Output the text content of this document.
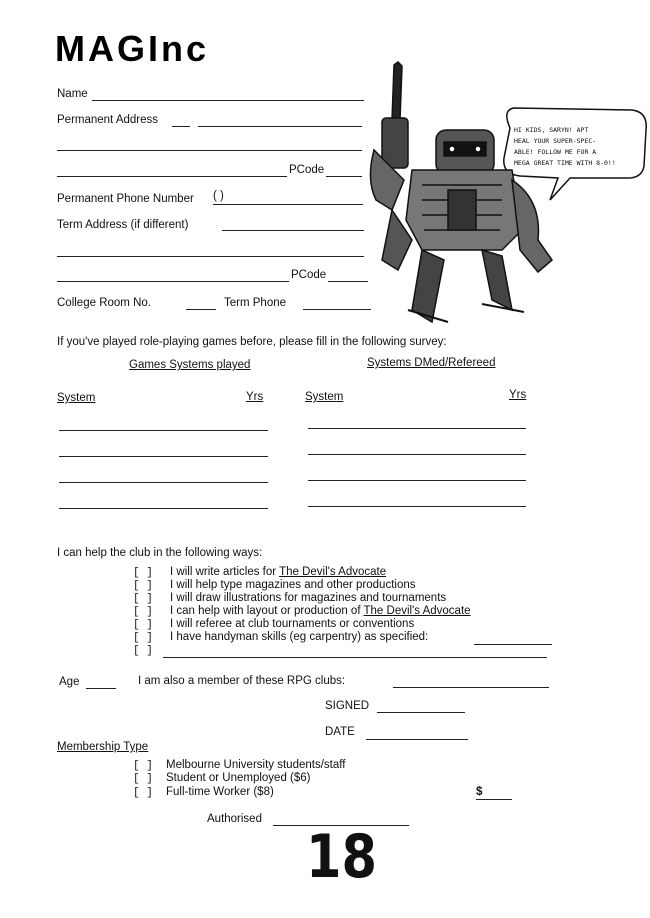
MAGInc
Name
Permanent Address
PCode
Permanent Phone Number ( )
Term Address (if different)
PCode
College Room No.	Term Phone
HI KIDS, SARYN! APT
HEAL YOUR SUPER-SPEC-
ABLE! FOLLOW ME FOR A
MEGA GREAT TIME WITH 8-0!!
If you've played role-playing games before, please fill in the following survey:
Games Systems played	Systems DMed/Refereed
System	Yrs	System	Yrs
I can help the club in the following ways:
[ ] I will write articles for The Devil's Advocate
[ ] I will help type magazines and other productions
[ ] I will draw illustrations for magazines and tournaments
[ ] I can help with layout or production of The Devil's Advocate
[ ] I will referee at club tournaments or conventions
[ ] I have handyman skills (eg carpentry) as specified:
[ ]
Age	I am also a member of these RPG clubs:
SIGNED
DATE
Membership Type
[ ] Melbourne University students/staff
[ ] Student or Unemployed ($6)
[ ] Full-time Worker ($8)	$
Authorised
18
